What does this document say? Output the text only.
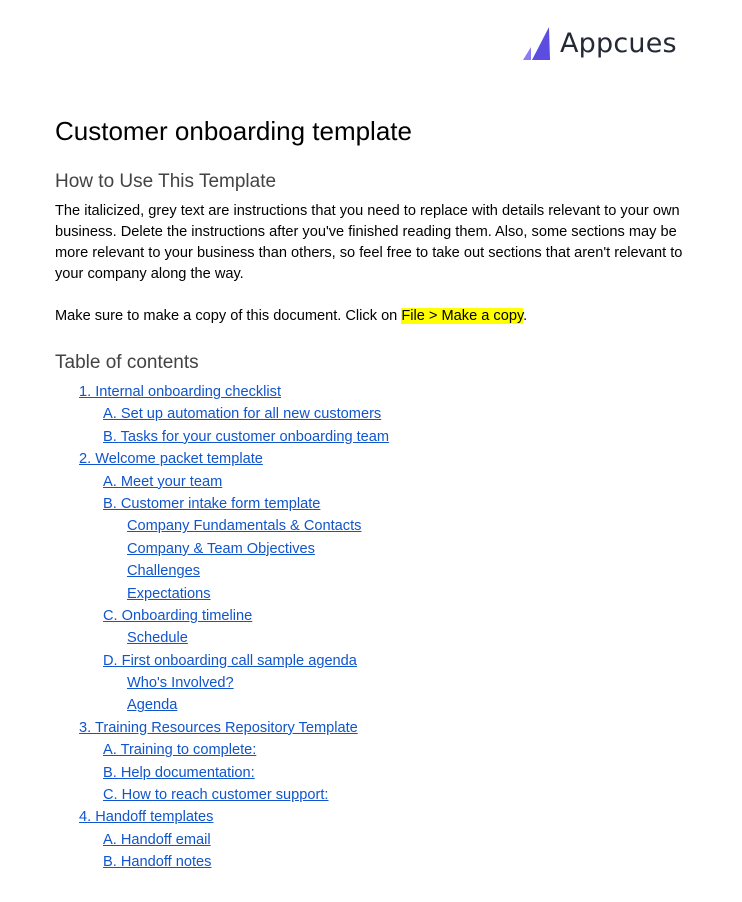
Appcues
Customer onboarding template
How to Use This Template

The italicized, grey text are instructions that you need to replace with details relevant to your own business. Delete the instructions after you've finished reading them. Also, some sections may be more relevant to your business than others, so feel free to take out sections that aren't relevant to your company along the way.

Make sure to make a copy of this document. Click on File > Make a copy.

Table of contents
1. Internal onboarding checklist
A. Set up automation for all new customers
B. Tasks for your customer onboarding team
2. Welcome packet template
A. Meet your team
B. Customer intake form template
Company Fundamentals & Contacts
Company & Team Objectives
Challenges
Expectations
C. Onboarding timeline
Schedule
D. First onboarding call sample agenda
Who's Involved?
Agenda
3. Training Resources Repository Template
A. Training to complete:
B. Help documentation:
C. How to reach customer support:
4. Handoff templates
A. Handoff email
B. Handoff notes
